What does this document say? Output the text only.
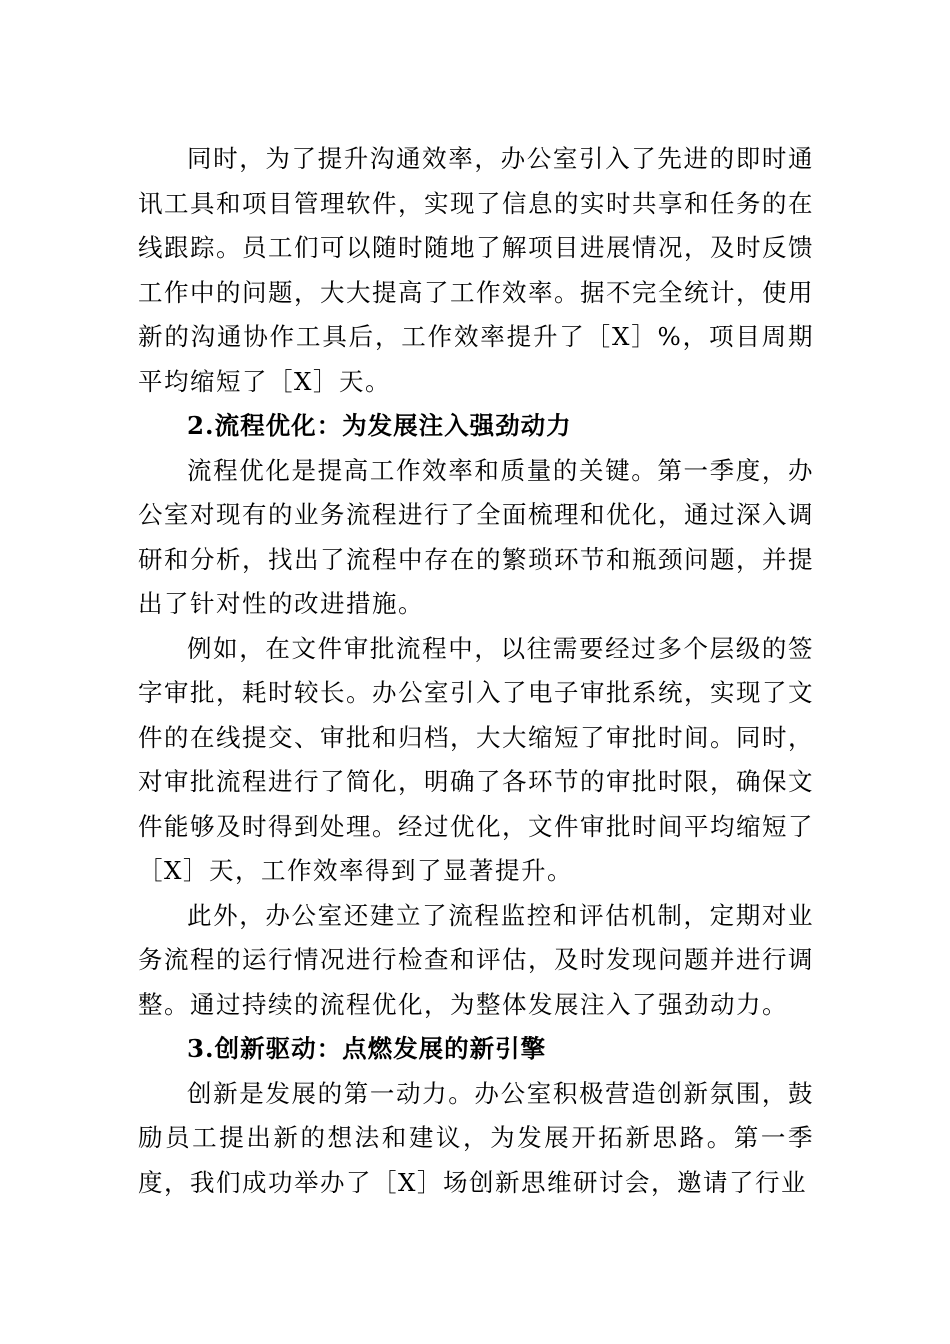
同时，为了提升沟通效率，办公室引入了先进的即时通讯工具和项目管理软件，实现了信息的实时共享和任务的在线跟踪。员工们可以随时随地了解项目进展情况，及时反馈工作中的问题，大大提高了工作效率。据不完全统计，使用新的沟通协作工具后，工作效率提升了［X］%，项目周期平均缩短了［X］天。

2.流程优化：为发展注入强劲动力

流程优化是提高工作效率和质量的关键。第一季度，办公室对现有的业务流程进行了全面梳理和优化，通过深入调研和分析，找出了流程中存在的繁琐环节和瓶颈问题，并提出了针对性的改进措施。

例如，在文件审批流程中，以往需要经过多个层级的签字审批，耗时较长。办公室引入了电子审批系统，实现了文件的在线提交、审批和归档，大大缩短了审批时间。同时，对审批流程进行了简化，明确了各环节的审批时限，确保文件能够及时得到处理。经过优化，文件审批时间平均缩短了［X］天，工作效率得到了显著提升。

此外，办公室还建立了流程监控和评估机制，定期对业务流程的运行情况进行检查和评估，及时发现问题并进行调整。通过持续的流程优化，为整体发展注入了强劲动力。

3.创新驱动：点燃发展的新引擎

创新是发展的第一动力。办公室积极营造创新氛围，鼓励员工提出新的想法和建议，为发展开拓新思路。第一季度，我们成功举办了［X］场创新思维研讨会，邀请了行业
